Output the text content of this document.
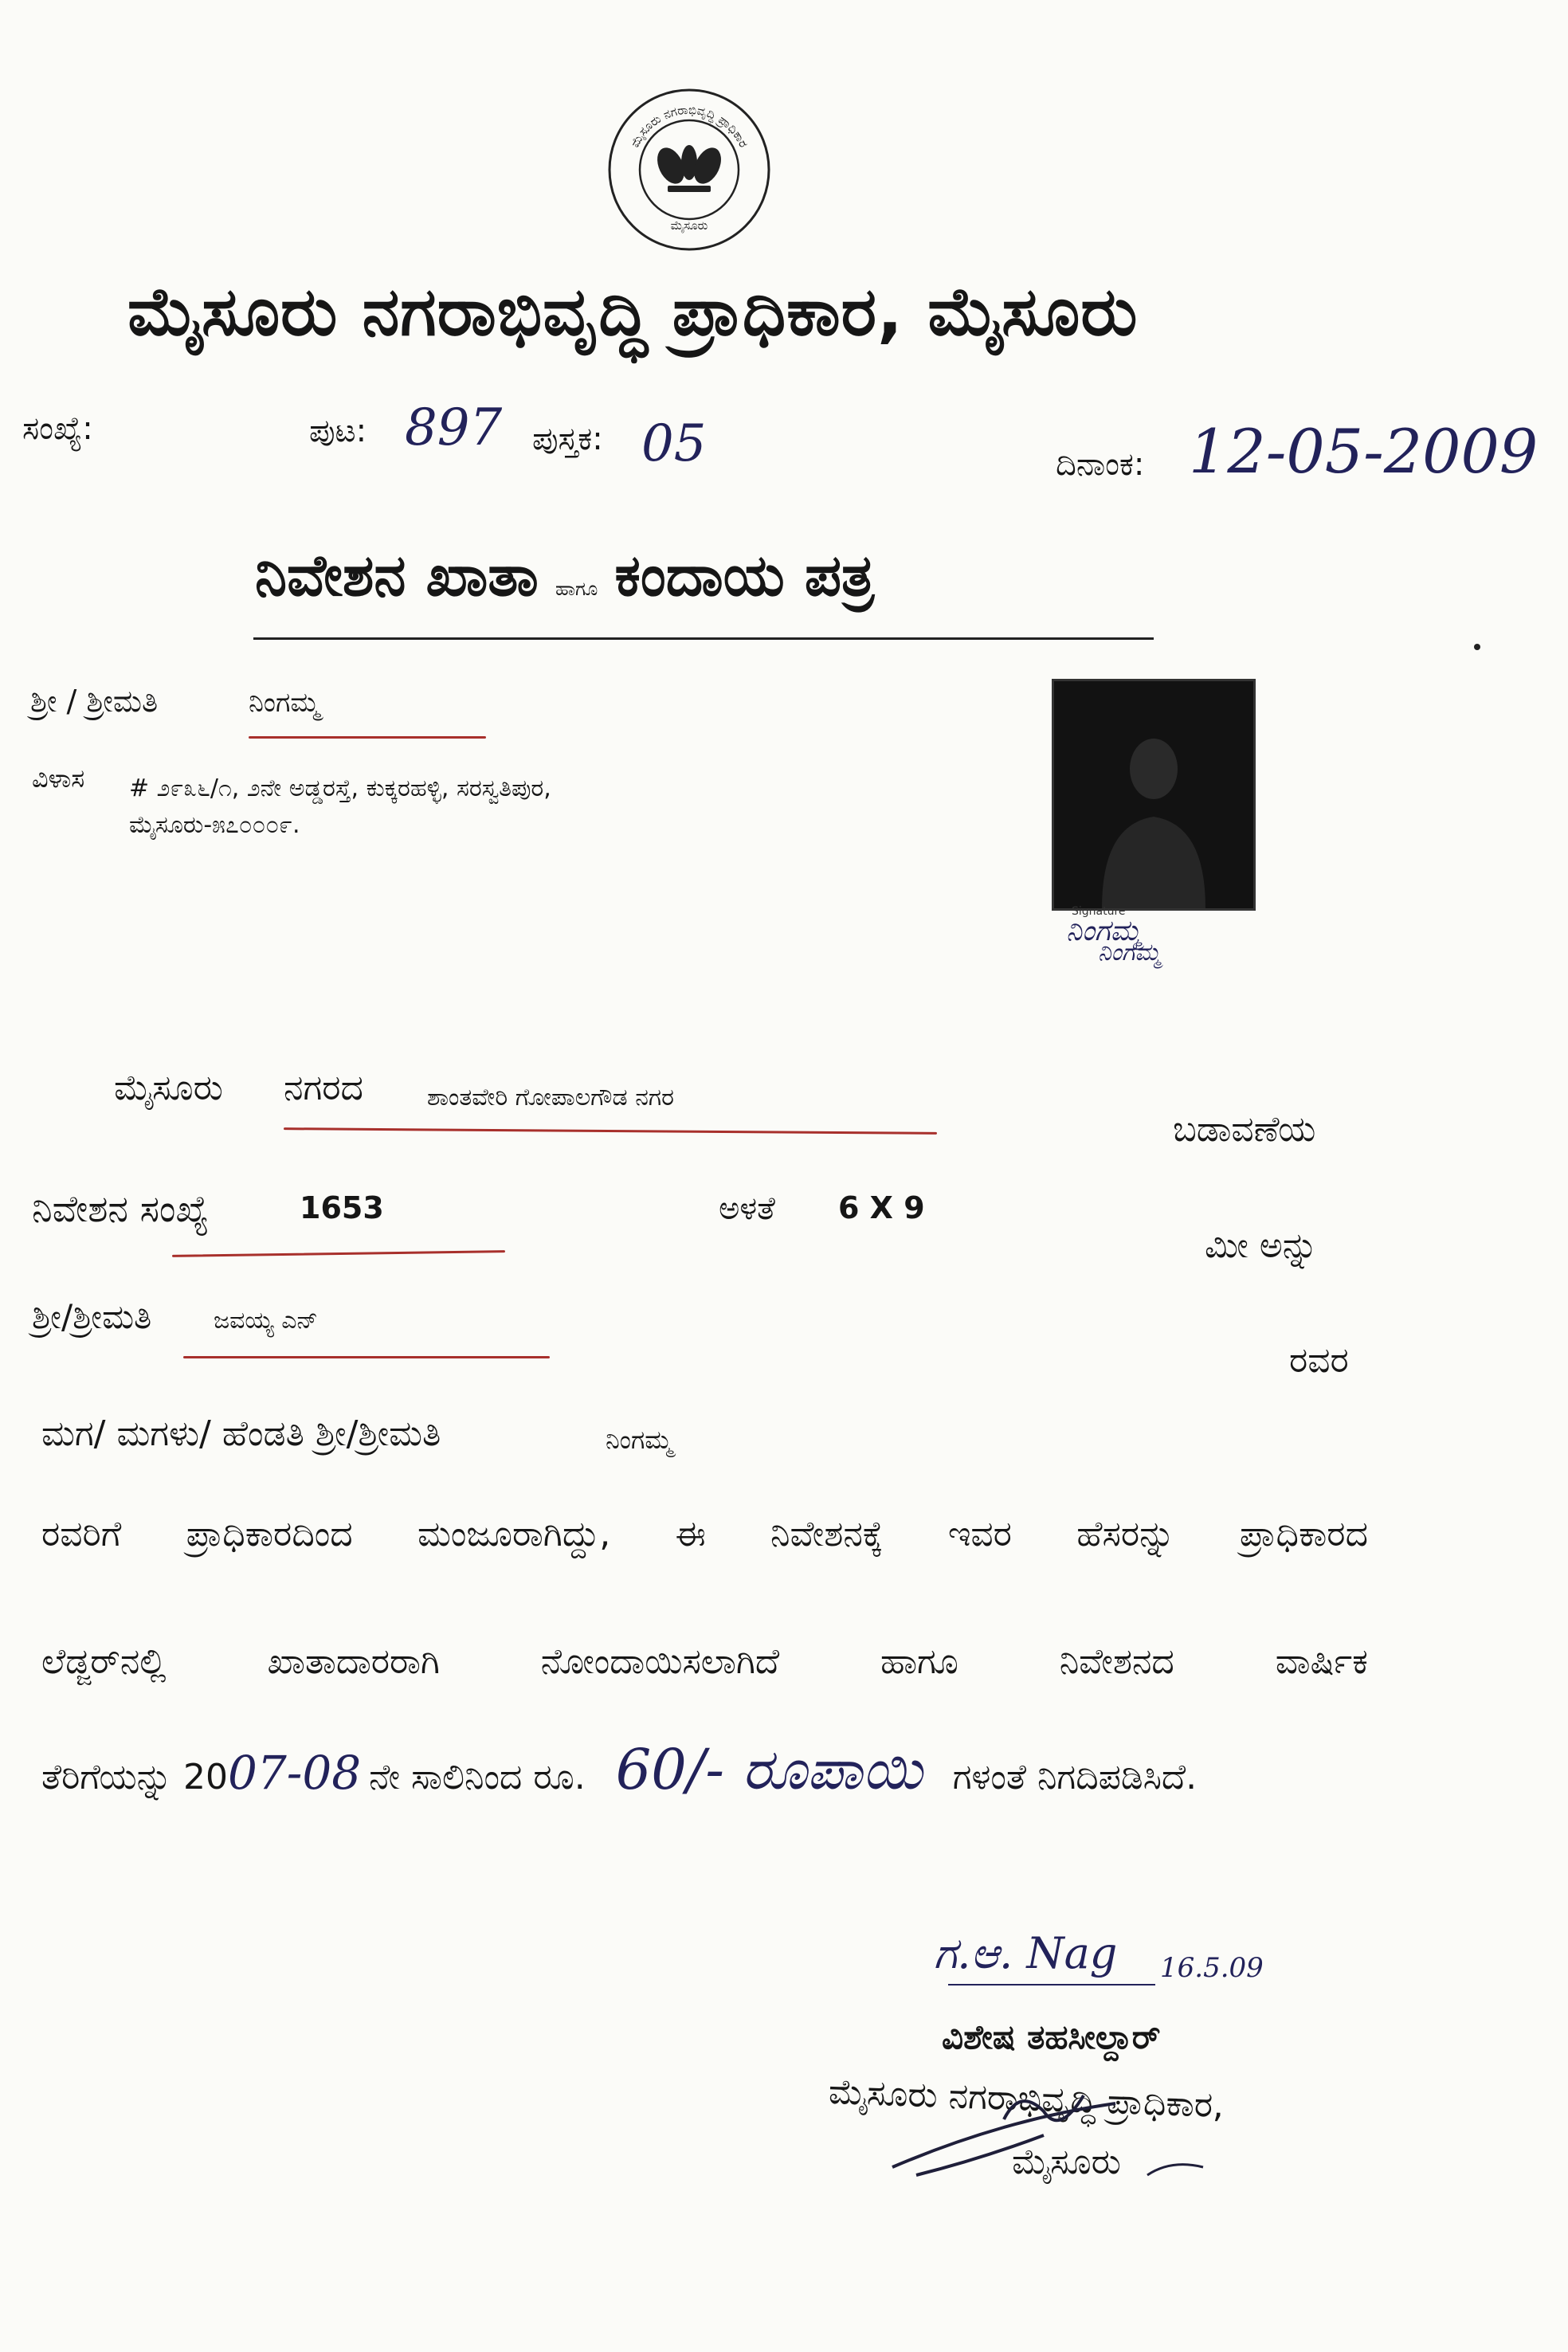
ಮೈಸೂರು ನಗರಾಭಿವೃದ್ಧಿ ಪ್ರಾಧಿಕಾರ
ಮೈಸೂರು
ಮೈಸೂರು ನಗರಾಭಿವೃದ್ಧಿ ಪ್ರಾಧಿಕಾರ, ಮೈಸೂರು
ಸಂಖ್ಯೆ:	ಪುಟ: 897 ಪುಸ್ತಕ: 05	ದಿನಾಂಕ: 12-05-2009
ನಿವೇಶನ ಖಾತಾ ಹಾಗೂ ಕಂದಾಯ ಪತ್ರ
ಶ್ರೀ / ಶ್ರೀಮತಿ	ನಿಂಗಮ್ಮ
ವಿಳಾಸ # ೨೯೩೬/೧, ೨ನೇ ಅಡ್ಡರಸ್ತೆ, ಕುಕ್ಕರಹಳ್ಳಿ, ಸರಸ್ವತಿಪುರ,
ಮೈಸೂರು-೫೭೦೦೦೯.
Signature
ನಿಂಗಮ್ಮ
ನಿಂಗಮ್ಮ
ಮೈಸೂರು ನಗರದ	ಶಾಂತವೇರಿ ಗೋಪಾಲಗೌಡ ನಗರ
ಬಡಾವಣೆಯ
ನಿವೇಶನ ಸಂಖ್ಯೆ	1653	ಅಳತೆ 6 X 9
ಮೀ ಅನ್ನು
ಶ್ರೀ/ಶ್ರೀಮತಿ	ಜವಯ್ಯ ಎನ್
ರವರ
ಮಗ/ ಮಗಳು/ ಹೆಂಡತಿ ಶ್ರೀ/ಶ್ರೀಮತಿ	ನಿಂಗಮ್ಮ
ರವರಿಗೆ ಪ್ರಾಧಿಕಾರದಿಂದ ಮಂಜೂರಾಗಿದ್ದು, ಈ ನಿವೇಶನಕ್ಕೆ ಇವರ ಹೆಸರನ್ನು ಪ್ರಾಧಿಕಾರದ
ಲೆಡ್ಜರ್‌ನಲ್ಲಿ ಖಾತಾದಾರರಾಗಿ ನೋಂದಾಯಿಸಲಾಗಿದೆ ಹಾಗೂ ನಿವೇಶನದ ವಾರ್ಷಿಕ
ತೆರಿಗೆಯನ್ನು 2007-08 ನೇ ಸಾಲಿನಿಂದ ರೂ. 60/- ರೂಪಾಯಿ ಗಳಂತೆ ನಿಗದಿಪಡಿಸಿದೆ.
ಗ.ಆ. Nag 16.5.09
ವಿಶೇಷ ತಹಸೀಲ್ದಾರ್
ಮೈಸೂರು ನಗರಾಭಿವೃದ್ಧಿ ಪ್ರಾಧಿಕಾರ,
ಮೈಸೂರು
